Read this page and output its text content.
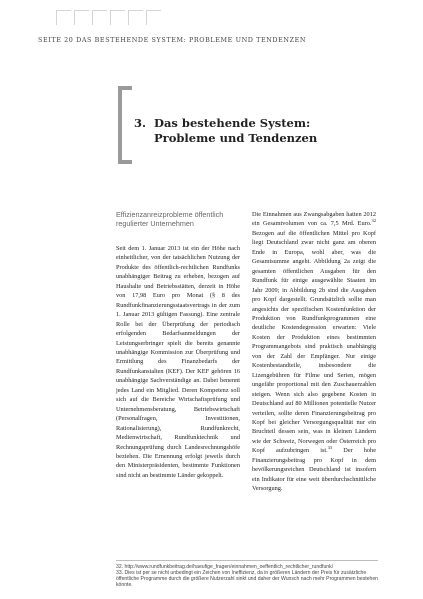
SEITE 20 DAS BESTEHENDE SYSTEM: PROBLEME UND TENDENZEN
3. Das bestehende System:
Probleme und Tendenzen

Effizienzanreizprobleme öffentlich regulierter Unternehmen

Seit dem 1. Januar 2013 ist ein der Höhe nach einheitlicher, von der tatsächlichen Nutzung der Produkte des öffentlich-rechtlichen Rundfunks unabhängiger Beitrag zu erheben, bezogen auf Haushalte und Betriebsstätten, derzeit in Höhe von 17,98 Euro pro Monat (§ 8 des Rundfunkfinanzierungsstaatsvertrags in der zum 1. Januar 2013 gültigen Fassung). Eine zentrale Rolle bei der Überprüfung der periodisch erfolgenden Bedarfsanmeldungen der Leistungserbringer spielt die bereits genannte unabhängige Kommission zur Überprüfung und Ermittlung des Finanzbedarfs der Rundfunkanstalten (KEF). Der KEF gehören 16 unabhängige Sachverständige an. Dabei benennt jedes Land ein Mitglied. Deren Kompetenz soll sich auf die Bereiche Wirtschaftsprüfung und Unternehmensberatung, Betriebswirtschaft (Personalfragen, Investitionen, Rationalisierung), Rundfunkrecht, Medienwirtschaft, Rundfunktechnik und Rechnungsprüfung durch Landesrechnungshöfe beziehen. Die Ernennung erfolgt jeweils durch den Ministerpräsidenten, bestimmte Funktionen sind nicht an bestimmte Länder gekoppelt.

Die Einnahmen aus Zwangsabgaben hatten 2012 ein Gesamtvolumen von ca. 7,5 Mrd. Euro.$^{32}$ Bezogen auf die öffentlichen Mittel pro Kopf liegt Deutschland zwar nicht ganz am oberen Ende in Europa, wohl aber, was die Gesamtsumme angeht. Abbildung 2a zeigt die gesamten öffentlichen Ausgaben für den Rundfunk für einige ausgewählte Staaten im Jahr 2009; in Abbildung 2b sind die Ausgaben pro Kopf dargestellt. Grundsätzlich sollte man angesichts der spezifischen Kostenfunktion der Produktion von Rundfunkprogrammen eine deutliche Kostendegression erwarten: Viele Kosten der Produktion eines bestimmten Programmangebots sind praktisch unabhängig von der Zahl der Empfänger. Nur einige Kostenbestandteile, insbesondere die Lizengebühren für Filme und Serien, mögen ungefähr proportional mit den Zuschauerzahlen steigen. Wenn sich also gegebene Kosten in Deutschland auf 80 Millionen potentielle Nutzer verteilen, sollte deren Finanzierungsbeitrag pro Kopf bei gleicher Versorgungsqualität nur ein Bruchteil dessen sein, was in kleinen Ländern wie der Schweiz, Norwegen oder Österreich pro Kopf aufzubringen ist.$^{33}$ Der hohe Finanzierungsbeitrag pro Kopf in dem bevölkerungsreichen Deutschland ist insofern ein Indikator für eine weit überdurchschnittliche Versorgung.

32. http://www.rundfunkbeitrag.de/haeufige_fragen/einnahmen_oeffentlich_rechtlicher_rundfunk/

33. Dies ist per se nicht unbedingt ein Zeichen von Ineffizienz, da in größeren Ländern der Preis für zusätzliche öffentliche Programme durch die größere Nutzerzahl sinkt und daher der Wunsch nach mehr Programmen bestehen könnte.
